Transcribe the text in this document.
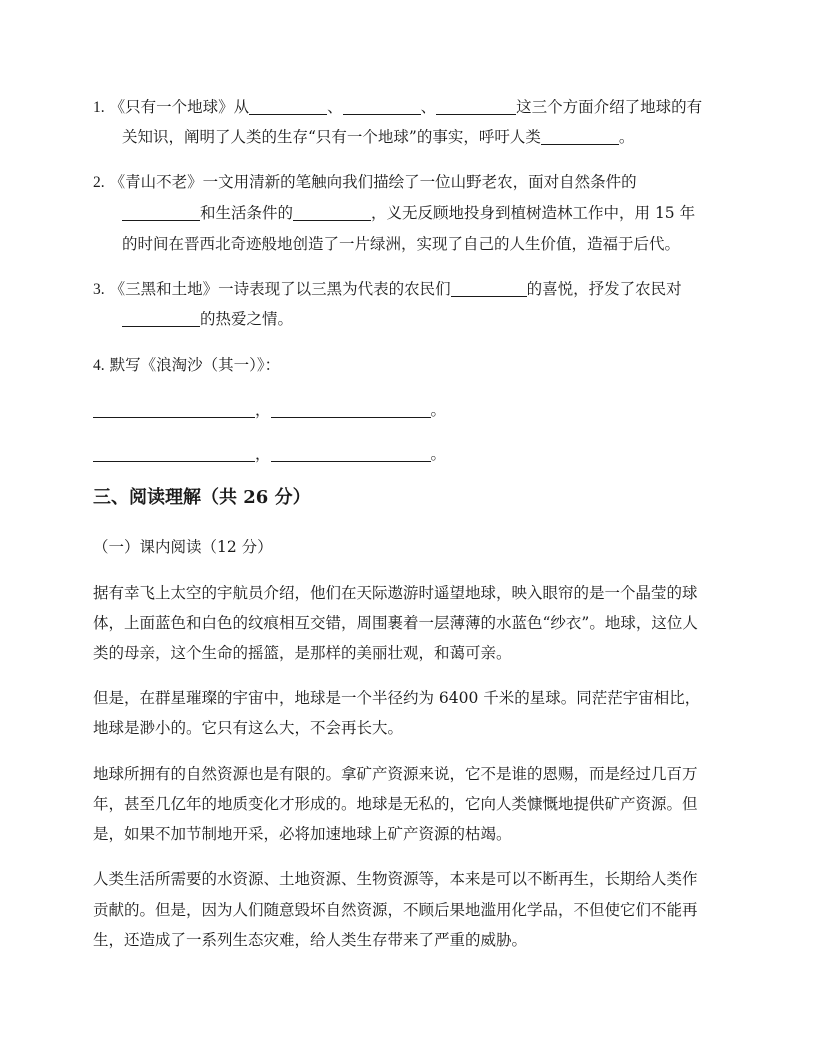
1. 《只有一个地球》从	、	、	这三个方面介绍了地球的有
关知识，阐明了人类的生存“只有一个地球”的事实，呼吁人类	。
2. 《青山不老》一文用清新的笔触向我们描绘了一位山野老农，面对自然条件的
和生活条件的	，义无反顾地投身到植树造林工作中，用 15 年
的时间在晋西北奇迹般地创造了一片绿洲，实现了自己的人生价值，造福于后代。
3. 《三黑和土地》一诗表现了以三黑为代表的农民们	的喜悦，抒发了农民对
的热爱之情。
4. 默写《浪淘沙（其一）》：
，	。
，	。
三、阅读理解（共 26 分）
（一）课内阅读（12 分）
据有幸飞上太空的宇航员介绍，他们在天际遨游时遥望地球，映入眼帘的是一个晶莹的球
体，上面蓝色和白色的纹痕相互交错，周围裹着一层薄薄的水蓝色“纱衣”。地球，这位人
类的母亲，这个生命的摇篮，是那样的美丽壮观，和蔼可亲。
但是，在群星璀璨的宇宙中，地球是一个半径约为 6400 千米的星球。同茫茫宇宙相比，
地球是渺小的。它只有这么大，不会再长大。
地球所拥有的自然资源也是有限的。拿矿产资源来说，它不是谁的恩赐，而是经过几百万
年，甚至几亿年的地质变化才形成的。地球是无私的，它向人类慷慨地提供矿产资源。但
是，如果不加节制地开采，必将加速地球上矿产资源的枯竭。
人类生活所需要的水资源、土地资源、生物资源等，本来是可以不断再生，长期给人类作
贡献的。但是，因为人们随意毁坏自然资源，不顾后果地滥用化学品，不但使它们不能再
生，还造成了一系列生态灾难，给人类生存带来了严重的威胁。
